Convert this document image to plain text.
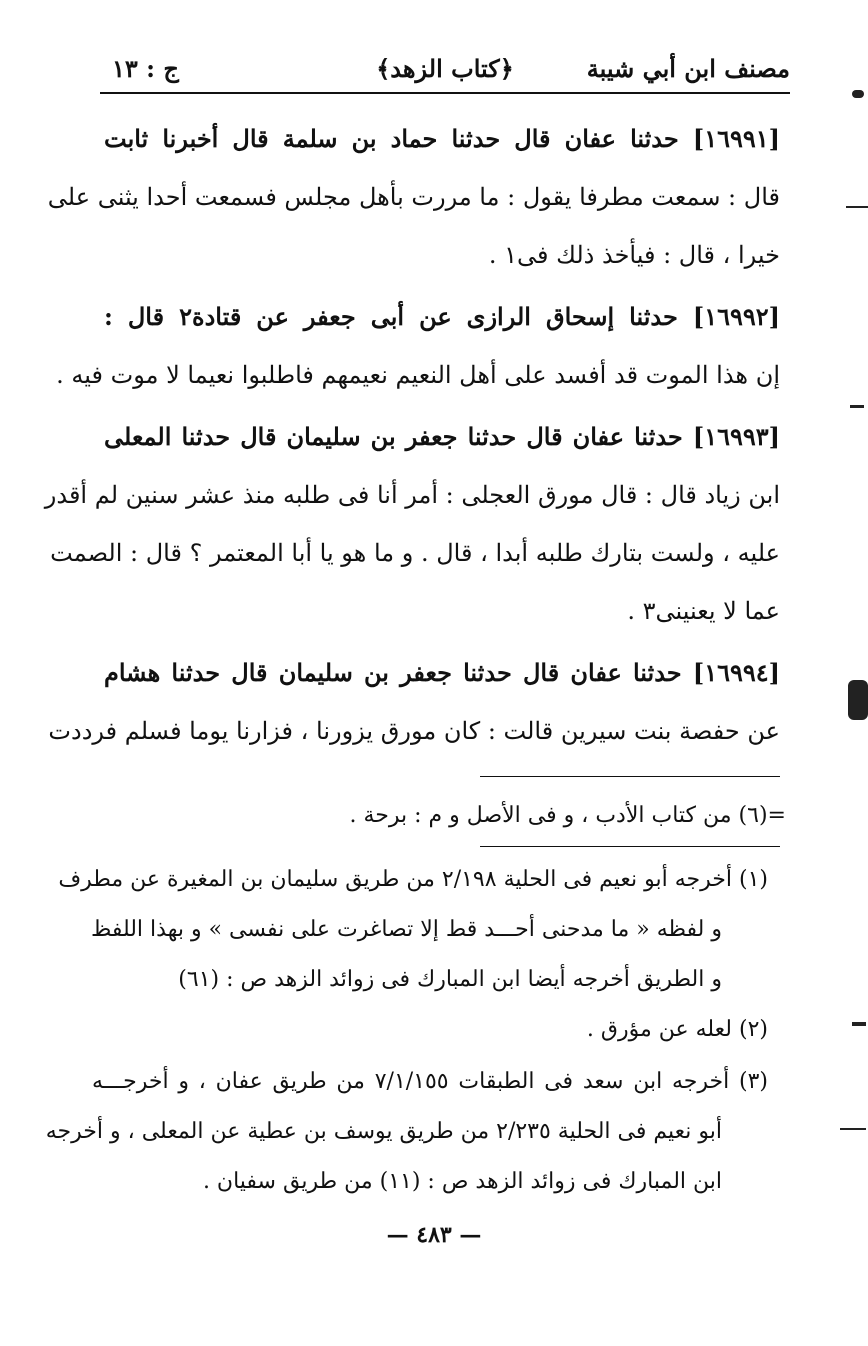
مصنف ابن أبي شيبة
﴿كتاب الزهد﴾
ج : ١٣
[١٦٩٩١] حدثنا عفان قال حدثنا حماد بن سلمة قال أخبرنا ثابت
قال : سمعت مطرفا يقول : ما مررت بأهل مجلس فسمعت أحدا يثنى على
خيرا ، قال : فيأخذ ذلك فى١ .
[١٦٩٩٢] حدثنا إسحاق الرازى عن أبى جعفر عن قتادة٢ قال :
إن هذا الموت قد أفسد على أهل النعيم نعيمهم فاطلبوا نعيما لا موت فيه .
[١٦٩٩٣] حدثنا عفان قال حدثنا جعفر بن سليمان قال حدثنا المعلى
ابن زياد قال : قال مورق العجلى : أمر أنا فى طلبه منذ عشر سنين لم أقدر
عليه ، ولست بتارك طلبه أبدا ، قال . و ما هو يا أبا المعتمر ؟ قال : الصمت
عما لا يعنينى٣ .
[١٦٩٩٤] حدثنا عفان قال حدثنا جعفر بن سليمان قال حدثنا هشام
عن حفصة بنت سيرين قالت : كان مورق يزورنا ، فزارنا يوما فسلم فرددت
=(٦) من كتاب الأدب ، و فى الأصل و م : برحة .
(١) أخرجه أبو نعيم فى الحلية ٢/١٩٨ من طريق سليمان بن المغيرة عن مطرف
و لفظه « ما مدحنى أحـــد قط إلا تصاغرت على نفسى » و بهذا اللفظ
و الطريق أخرجه أيضا ابن المبارك فى زوائد الزهد ص : (٦١)
(٢) لعله عن مؤرق .
(٣) أخرجه ابن سعد فى الطبقات ٧/١/١٥٥ من طريق عفان ، و أخرجـــه
أبو نعيم فى الحلية ٢/٢٣٥ من طريق يوسف بن عطية عن المعلى ، و أخرجه
ابن المبارك فى زوائد الزهد ص : (١١) من طريق سفيان .
— ٤٨٣ —
